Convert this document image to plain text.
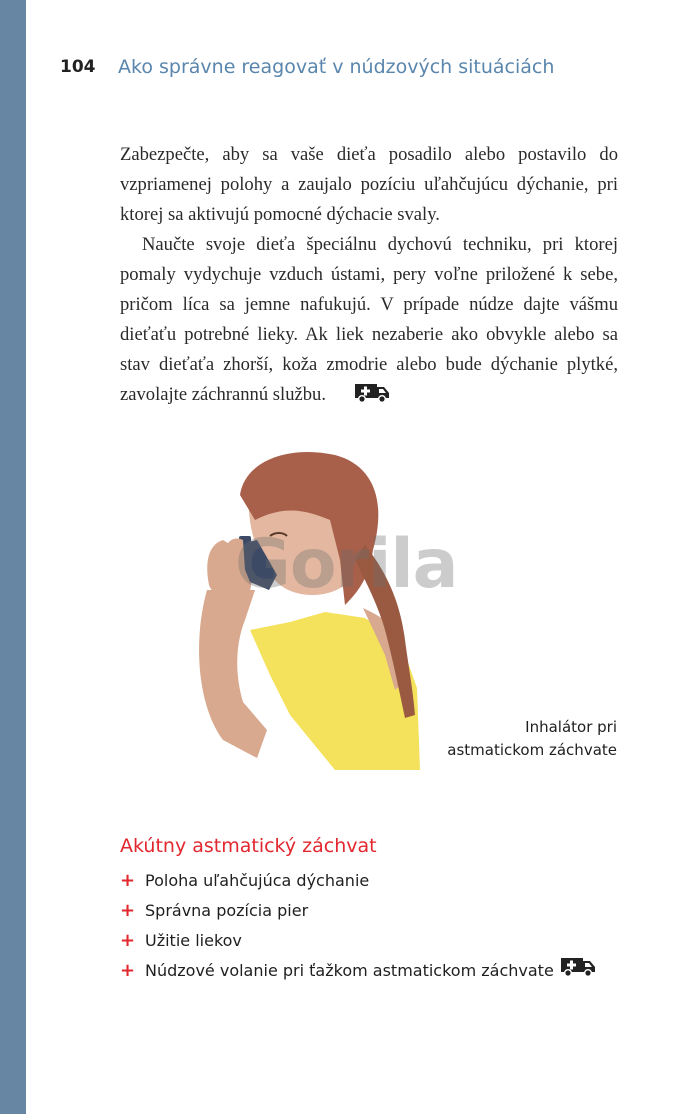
104	Ako správne reagovať v núdzových situáciách

Zabezpečte, aby sa vaše dieťa posadilo alebo postavilo do vzpriamenej polohy a zaujalo pozíciu uľahčujúcu dýchanie, pri ktorej sa aktivujú pomocné dýchacie svaly.

Naučte svoje dieťa špeciálnu dychovú techniku, pri ktorej pomaly vydychuje vzduch ústami, pery voľne priložené k sebe, pričom líca sa jemne nafukujú. V prípade núdze dajte vášmu dieťaťu potrebné lieky. Ak liek nezaberie ako obvykle alebo sa stav dieťaťa zhorší, koža zmodrie alebo bude dýchanie plytké, zavolajte záchrannú službu.

Gorila
Inhalátor pri
astmatickom záchvate
Akútny astmatický záchvat
+ Poloha uľahčujúca dýchanie
+ Správna pozícia pier
+ Užitie liekov
+ Núdzové volanie pri ťažkom astmatickom záchvate
